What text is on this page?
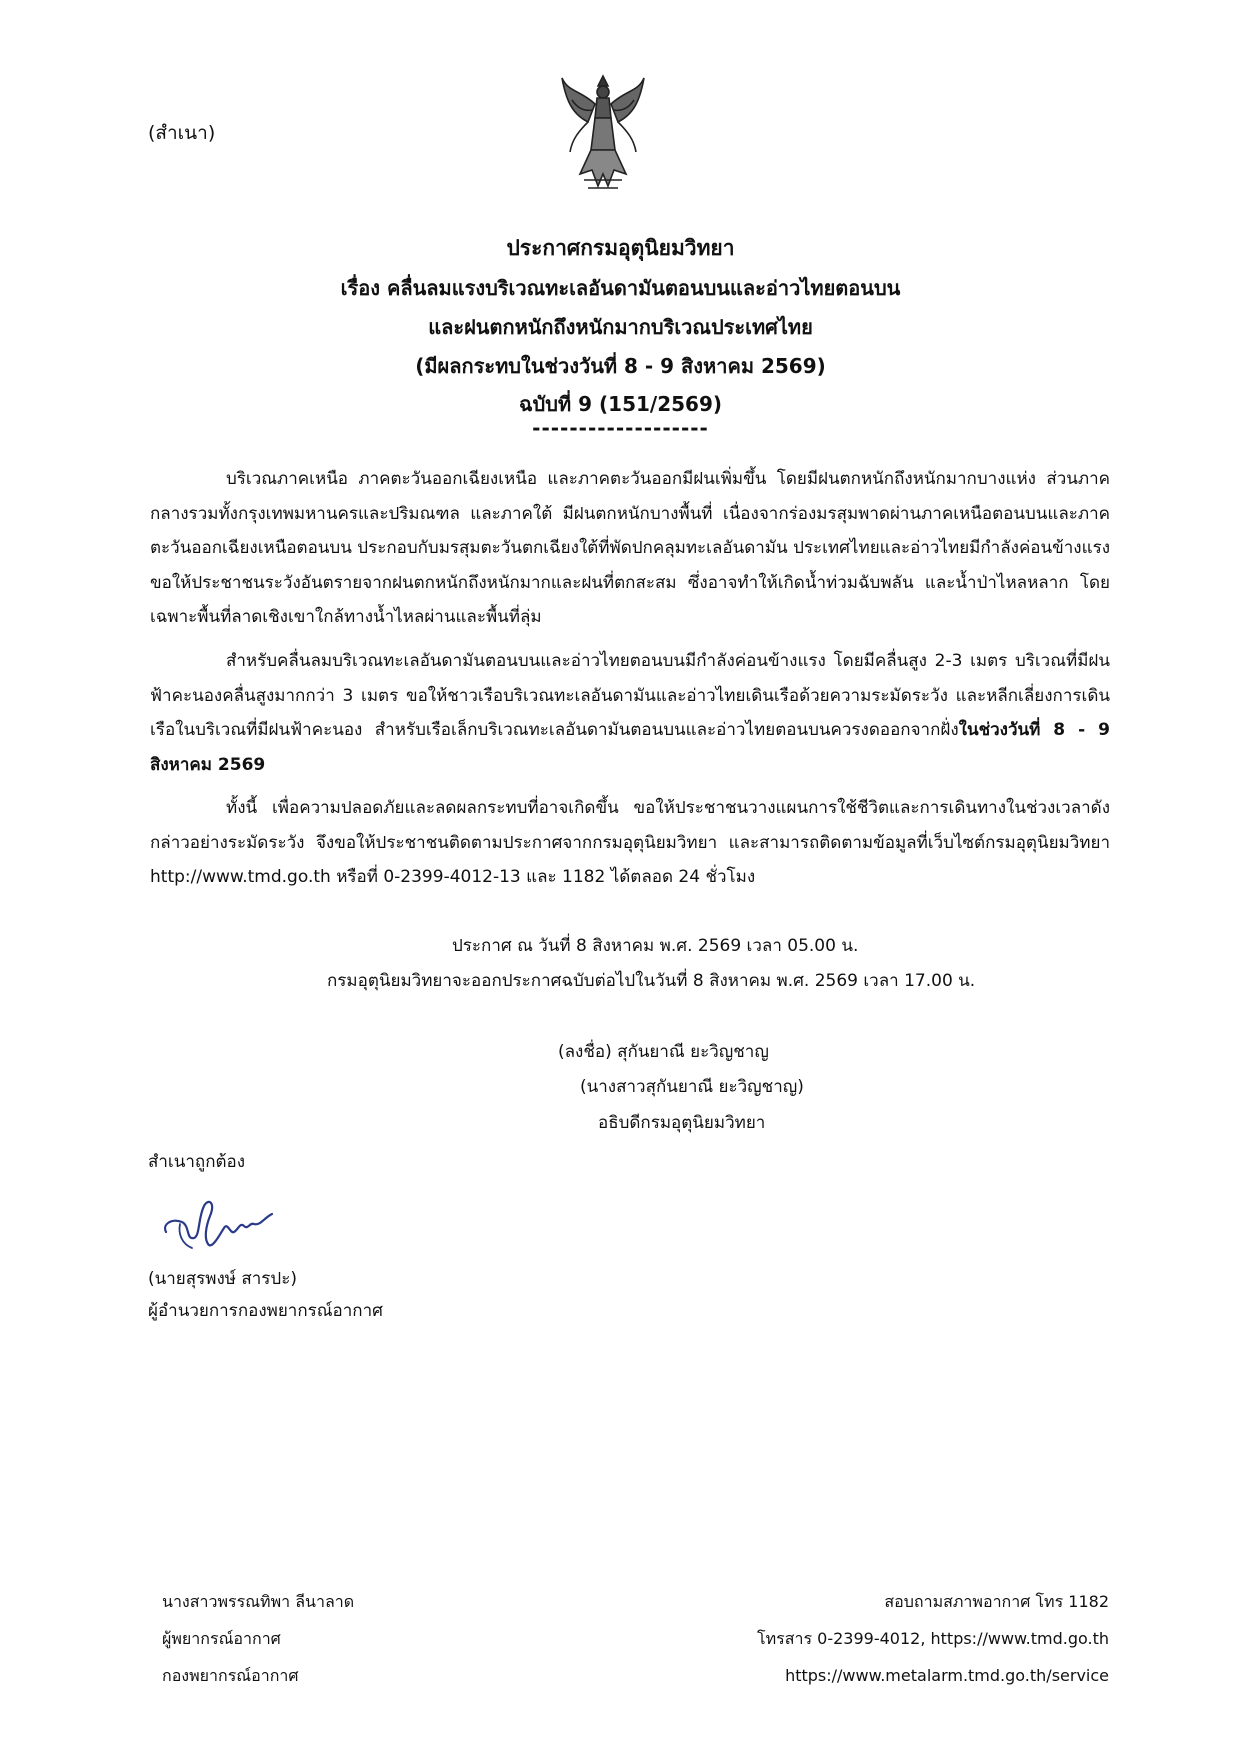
(สำเนา)
ประกาศกรมอุตุนิยมวิทยา
เรื่อง คลื่นลมแรงบริเวณทะเลอันดามันตอนบนและอ่าวไทยตอนบน
และฝนตกหนักถึงหนักมากบริเวณประเทศไทย
(มีผลกระทบในช่วงวันที่ 8 - 9 สิงหาคม 2569)
ฉบับที่ 9 (151/2569)
-------------------

บริเวณภาคเหนือ ภาคตะวันออกเฉียงเหนือ และภาคตะวันออกมีฝนเพิ่มขึ้น โดยมีฝนตกหนักถึงหนักมากบางแห่ง ส่วนภาคกลางรวมทั้งกรุงเทพมหานครและปริมณฑล และภาคใต้ มีฝนตกหนักบางพื้นที่ เนื่องจากร่องมรสุมพาดผ่านภาคเหนือตอนบนและภาคตะวันออกเฉียงเหนือตอนบน ประกอบกับมรสุมตะวันตกเฉียงใต้ที่พัดปกคลุมทะเลอันดามัน ประเทศไทยและอ่าวไทยมีกำลังค่อนข้างแรง ขอให้ประชาชนระวังอันตรายจากฝนตกหนักถึงหนักมากและฝนที่ตกสะสม ซึ่งอาจทำให้เกิดน้ำท่วมฉับพลัน และน้ำป่าไหลหลาก โดยเฉพาะพื้นที่ลาดเชิงเขาใกล้ทางน้ำไหลผ่านและพื้นที่ลุ่ม

สำหรับคลื่นลมบริเวณทะเลอันดามันตอนบนและอ่าวไทยตอนบนมีกำลังค่อนข้างแรง โดยมีคลื่นสูง 2-3 เมตร บริเวณที่มีฝนฟ้าคะนองคลื่นสูงมากกว่า 3 เมตร ขอให้ชาวเรือบริเวณทะเลอันดามันและอ่าวไทยเดินเรือด้วยความระมัดระวัง และหลีกเลี่ยงการเดินเรือในบริเวณที่มีฝนฟ้าคะนอง สำหรับเรือเล็กบริเวณทะเลอันดามันตอนบนและอ่าวไทยตอนบนควรงดออกจากฝั่งในช่วงวันที่ 8 - 9 สิงหาคม 2569

ทั้งนี้ เพื่อความปลอดภัยและลดผลกระทบที่อาจเกิดขึ้น ขอให้ประชาชนวางแผนการใช้ชีวิตและการเดินทางในช่วงเวลาดังกล่าวอย่างระมัดระวัง จึงขอให้ประชาชนติดตามประกาศจากกรมอุตุนิยมวิทยา และสามารถติดตามข้อมูลที่เว็บไซต์กรมอุตุนิยมวิทยา http://www.tmd.go.th หรือที่ 0-2399-4012-13 และ 1182 ได้ตลอด 24 ชั่วโมง

ประกาศ ณ วันที่ 8 สิงหาคม พ.ศ. 2569 เวลา 05.00 น.
กรมอุตุนิยมวิทยาจะออกประกาศฉบับต่อไปในวันที่ 8 สิงหาคม พ.ศ. 2569 เวลา 17.00 น.
(ลงชื่อ) สุกันยาณี ยะวิญชาญ
(นางสาวสุกันยาณี ยะวิญชาญ)
อธิบดีกรมอุตุนิยมวิทยา
สำเนาถูกต้อง
(นายสุรพงษ์ สารปะ)
ผู้อำนวยการกองพยากรณ์อากาศ
นางสาวพรรณทิพา ลีนาลาด
ผู้พยากรณ์อากาศ
กองพยากรณ์อากาศ
สอบถามสภาพอากาศ โทร 1182
โทรสาร 0-2399-4012, https://www.tmd.go.th
https://www.metalarm.tmd.go.th/service
